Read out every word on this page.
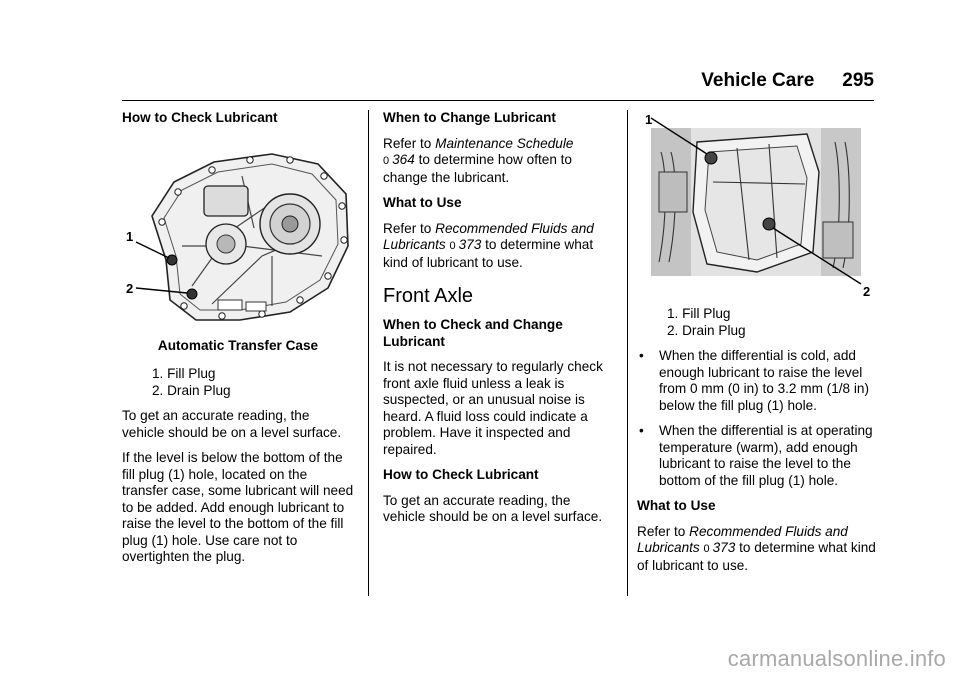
Vehicle Care 295
How to Check Lubricant
1
2
Automatic Transfer Case
1. Fill Plug
2. Drain Plug
To get an accurate reading, the vehicle should be on a level surface.
If the level is below the bottom of the fill plug (1) hole, located on the transfer case, some lubricant will need to be added. Add enough lubricant to raise the level to the bottom of the fill plug (1) hole. Use care not to overtighten the plug.
When to Change Lubricant
Refer to Maintenance Schedule
0 364 to determine how often to change the lubricant.
What to Use
Refer to Recommended Fluids and Lubricants 0 373 to determine what kind of lubricant to use.
Front Axle
When to Check and Change Lubricant
It is not necessary to regularly check front axle fluid unless a leak is suspected, or an unusual noise is heard. A fluid loss could indicate a problem. Have it inspected and repaired.
How to Check Lubricant
To get an accurate reading, the vehicle should be on a level surface.
1
2
1. Fill Plug
2. Drain Plug
• When the differential is cold, add enough lubricant to raise the level from 0 mm (0 in) to 3.2 mm (1/8 in) below the fill plug (1) hole.
• When the differential is at operating temperature (warm), add enough lubricant to raise the level to the bottom of the fill plug (1) hole.
What to Use
Refer to Recommended Fluids and Lubricants 0 373 to determine what kind of lubricant to use.
carmanualsonline.info
